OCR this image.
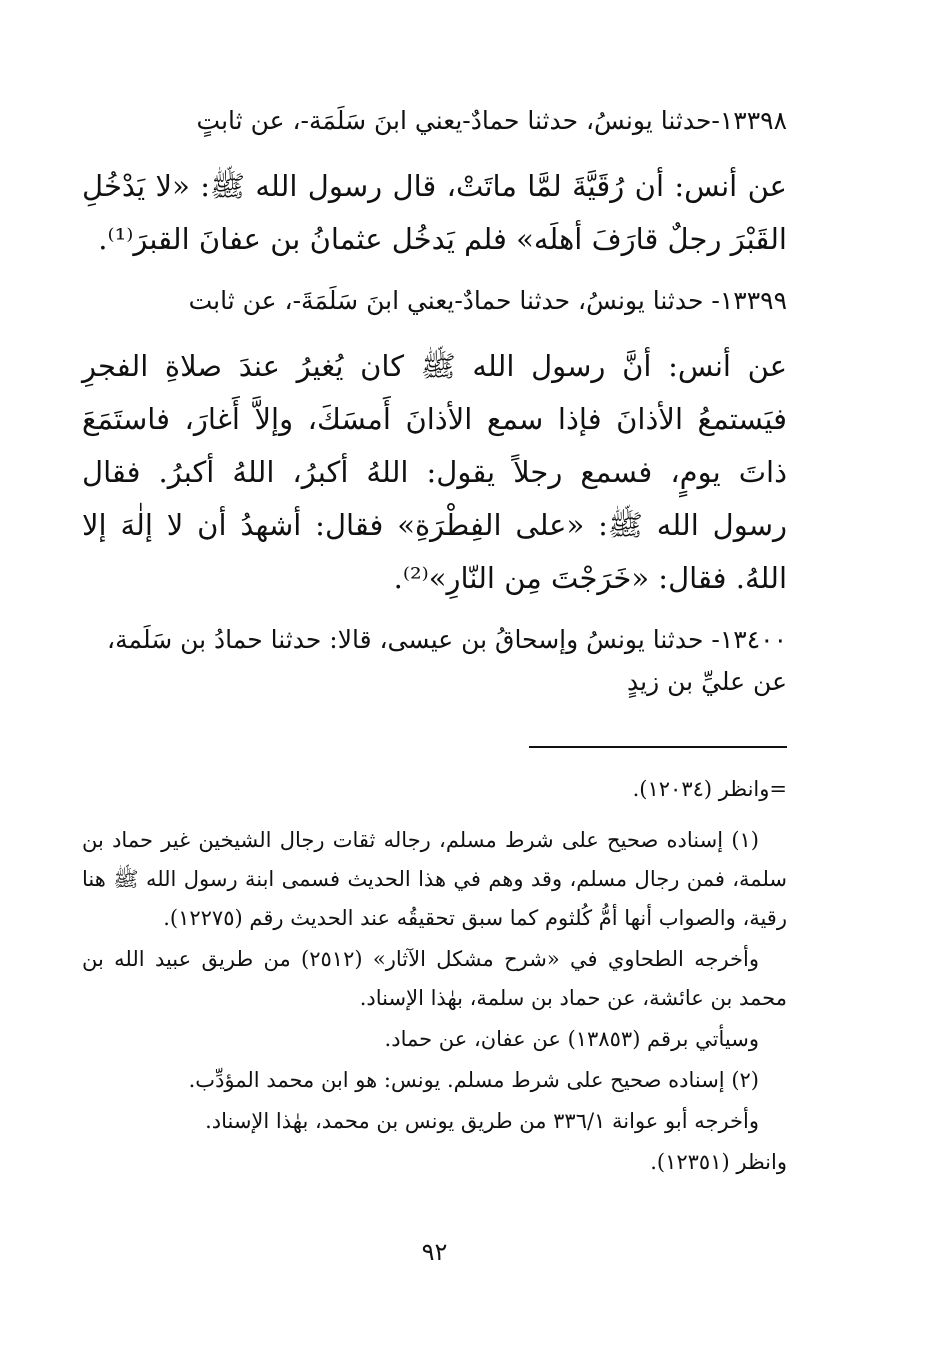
١٣٣٩٨-حدثنا يونسُ، حدثنا حمادٌ-يعني ابنَ سَلَمَة-، عن ثابتٍ

عن أنس: أن رُقَيَّةَ لمَّا ماتَتْ، قال رسول الله ﷺ: «لا يَدْخُلِ القَبْرَ رجلٌ قارَفَ أهلَه» فلم يَدخُل عثمانُ بن عفانَ القبرَ⁽¹⁾.

١٣٣٩٩- حدثنا يونسُ، حدثنا حمادٌ-يعني ابنَ سَلَمَةَ-، عن ثابت

عن أنس: أنَّ رسول الله ﷺ كان يُغيرُ عندَ صلاةِ الفجرِ فيَستمعُ الأذانَ فإذا سمع الأذانَ أَمسَكَ، وإلاَّ أَغارَ، فاستَمَعَ ذاتَ يومٍ، فسمع رجلاً يقول: اللهُ أكبرُ، اللهُ أكبرُ. فقال رسول الله ﷺ: «على الفِطْرَةِ» فقال: أشهدُ أن لا إلٰهَ إلا اللهُ. فقال: «خَرَجْتَ مِن النّارِ»⁽²⁾.

١٣٤٠٠- حدثنا يونسُ وإسحاقُ بن عيسى، قالا: حدثنا حمادُ بن سَلَمة، عن عليِّ بن زيدٍ

=وانظر (١٢٠٣٤).

(١) إسناده صحيح على شرط مسلم، رجاله ثقات رجال الشيخين غير حماد بن سلمة، فمن رجال مسلم، وقد وهم في هذا الحديث فسمى ابنة رسول الله ﷺ هنا رقية، والصواب أنها أمُّ كُلثوم كما سبق تحقيقُه عند الحديث رقم (١٢٢٧٥).

وأخرجه الطحاوي في «شرح مشكل الآثار» (٢٥١٢) من طريق عبيد الله بن محمد بن عائشة، عن حماد بن سلمة، بهٰذا الإسناد.

وسيأتي برقم (١٣٨٥٣) عن عفان، عن حماد.

(٢) إسناده صحيح على شرط مسلم. يونس: هو ابن محمد المؤدِّب.

وأخرجه أبو عوانة ٣٣٦/١ من طريق يونس بن محمد، بهٰذا الإسناد.

وانظر (١٢٣٥١).

٩٢
